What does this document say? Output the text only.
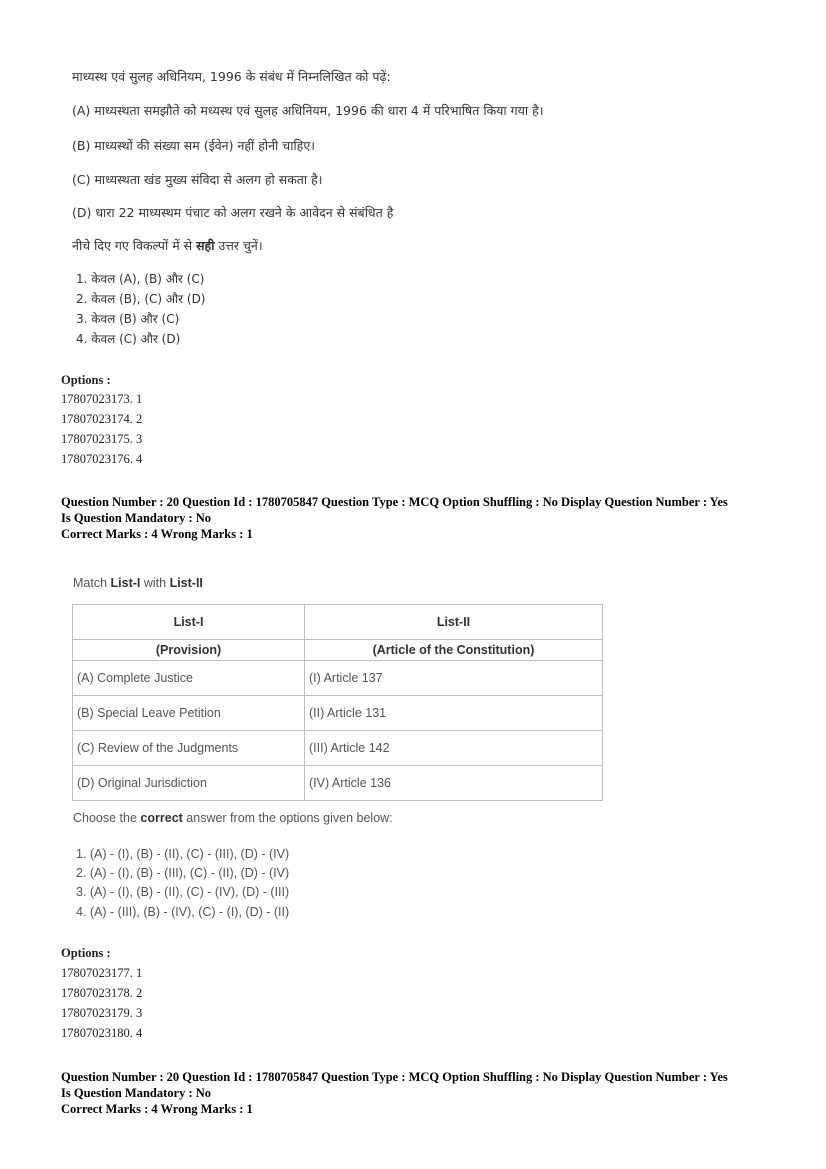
माध्यस्थ एवं सुलह अधिनियम, 1996 के संबंध में निम्नलिखित को पढ़ें:
(A) माध्यस्थता समझौते को मध्यस्थ एवं सुलह अधिनियम, 1996 की धारा 4 में परिभाषित किया गया है।
(B) माध्यस्थों की संख्या सम (ईवेन) नहीं होनी चाहिए।
(C) माध्यस्थता खंड मुख्य संविदा से अलग हो सकता है।
(D) धारा 22 माध्यस्थम पंचाट को अलग रखने के आवेदन से संबंधित है
नीचे दिए गए विकल्पों में से सही उत्तर चुनें।
1. केवल (A), (B) और (C)
2. केवल (B), (C) और (D)
3. केवल (B) और (C)
4. केवल (C) और (D)
Options :
17807023173. 1
17807023174. 2
17807023175. 3
17807023176. 4
Question Number : 20 Question Id : 1780705847 Question Type : MCQ Option Shuffling : No Display Question Number : Yes
Is Question Mandatory : No
Correct Marks : 4 Wrong Marks : 1
Match List-I with List-II
List-I	List-II
(Provision)	(Article of the Constitution)
(A) Complete Justice	(I) Article 137
(B) Special Leave Petition	(II) Article 131
(C) Review of the Judgments	(III) Article 142
(D) Original Jurisdiction	(IV) Article 136
Choose the correct answer from the options given below:
1. (A) - (I), (B) - (II), (C) - (III), (D) - (IV)
2. (A) - (I), (B) - (III), (C) - (II), (D) - (IV)
3. (A) - (I), (B) - (II), (C) - (IV), (D) - (III)
4. (A) - (III), (B) - (IV), (C) - (I), (D) - (II)
Options :
17807023177. 1
17807023178. 2
17807023179. 3
17807023180. 4
Question Number : 20 Question Id : 1780705847 Question Type : MCQ Option Shuffling : No Display Question Number : Yes
Is Question Mandatory : No
Correct Marks : 4 Wrong Marks : 1
